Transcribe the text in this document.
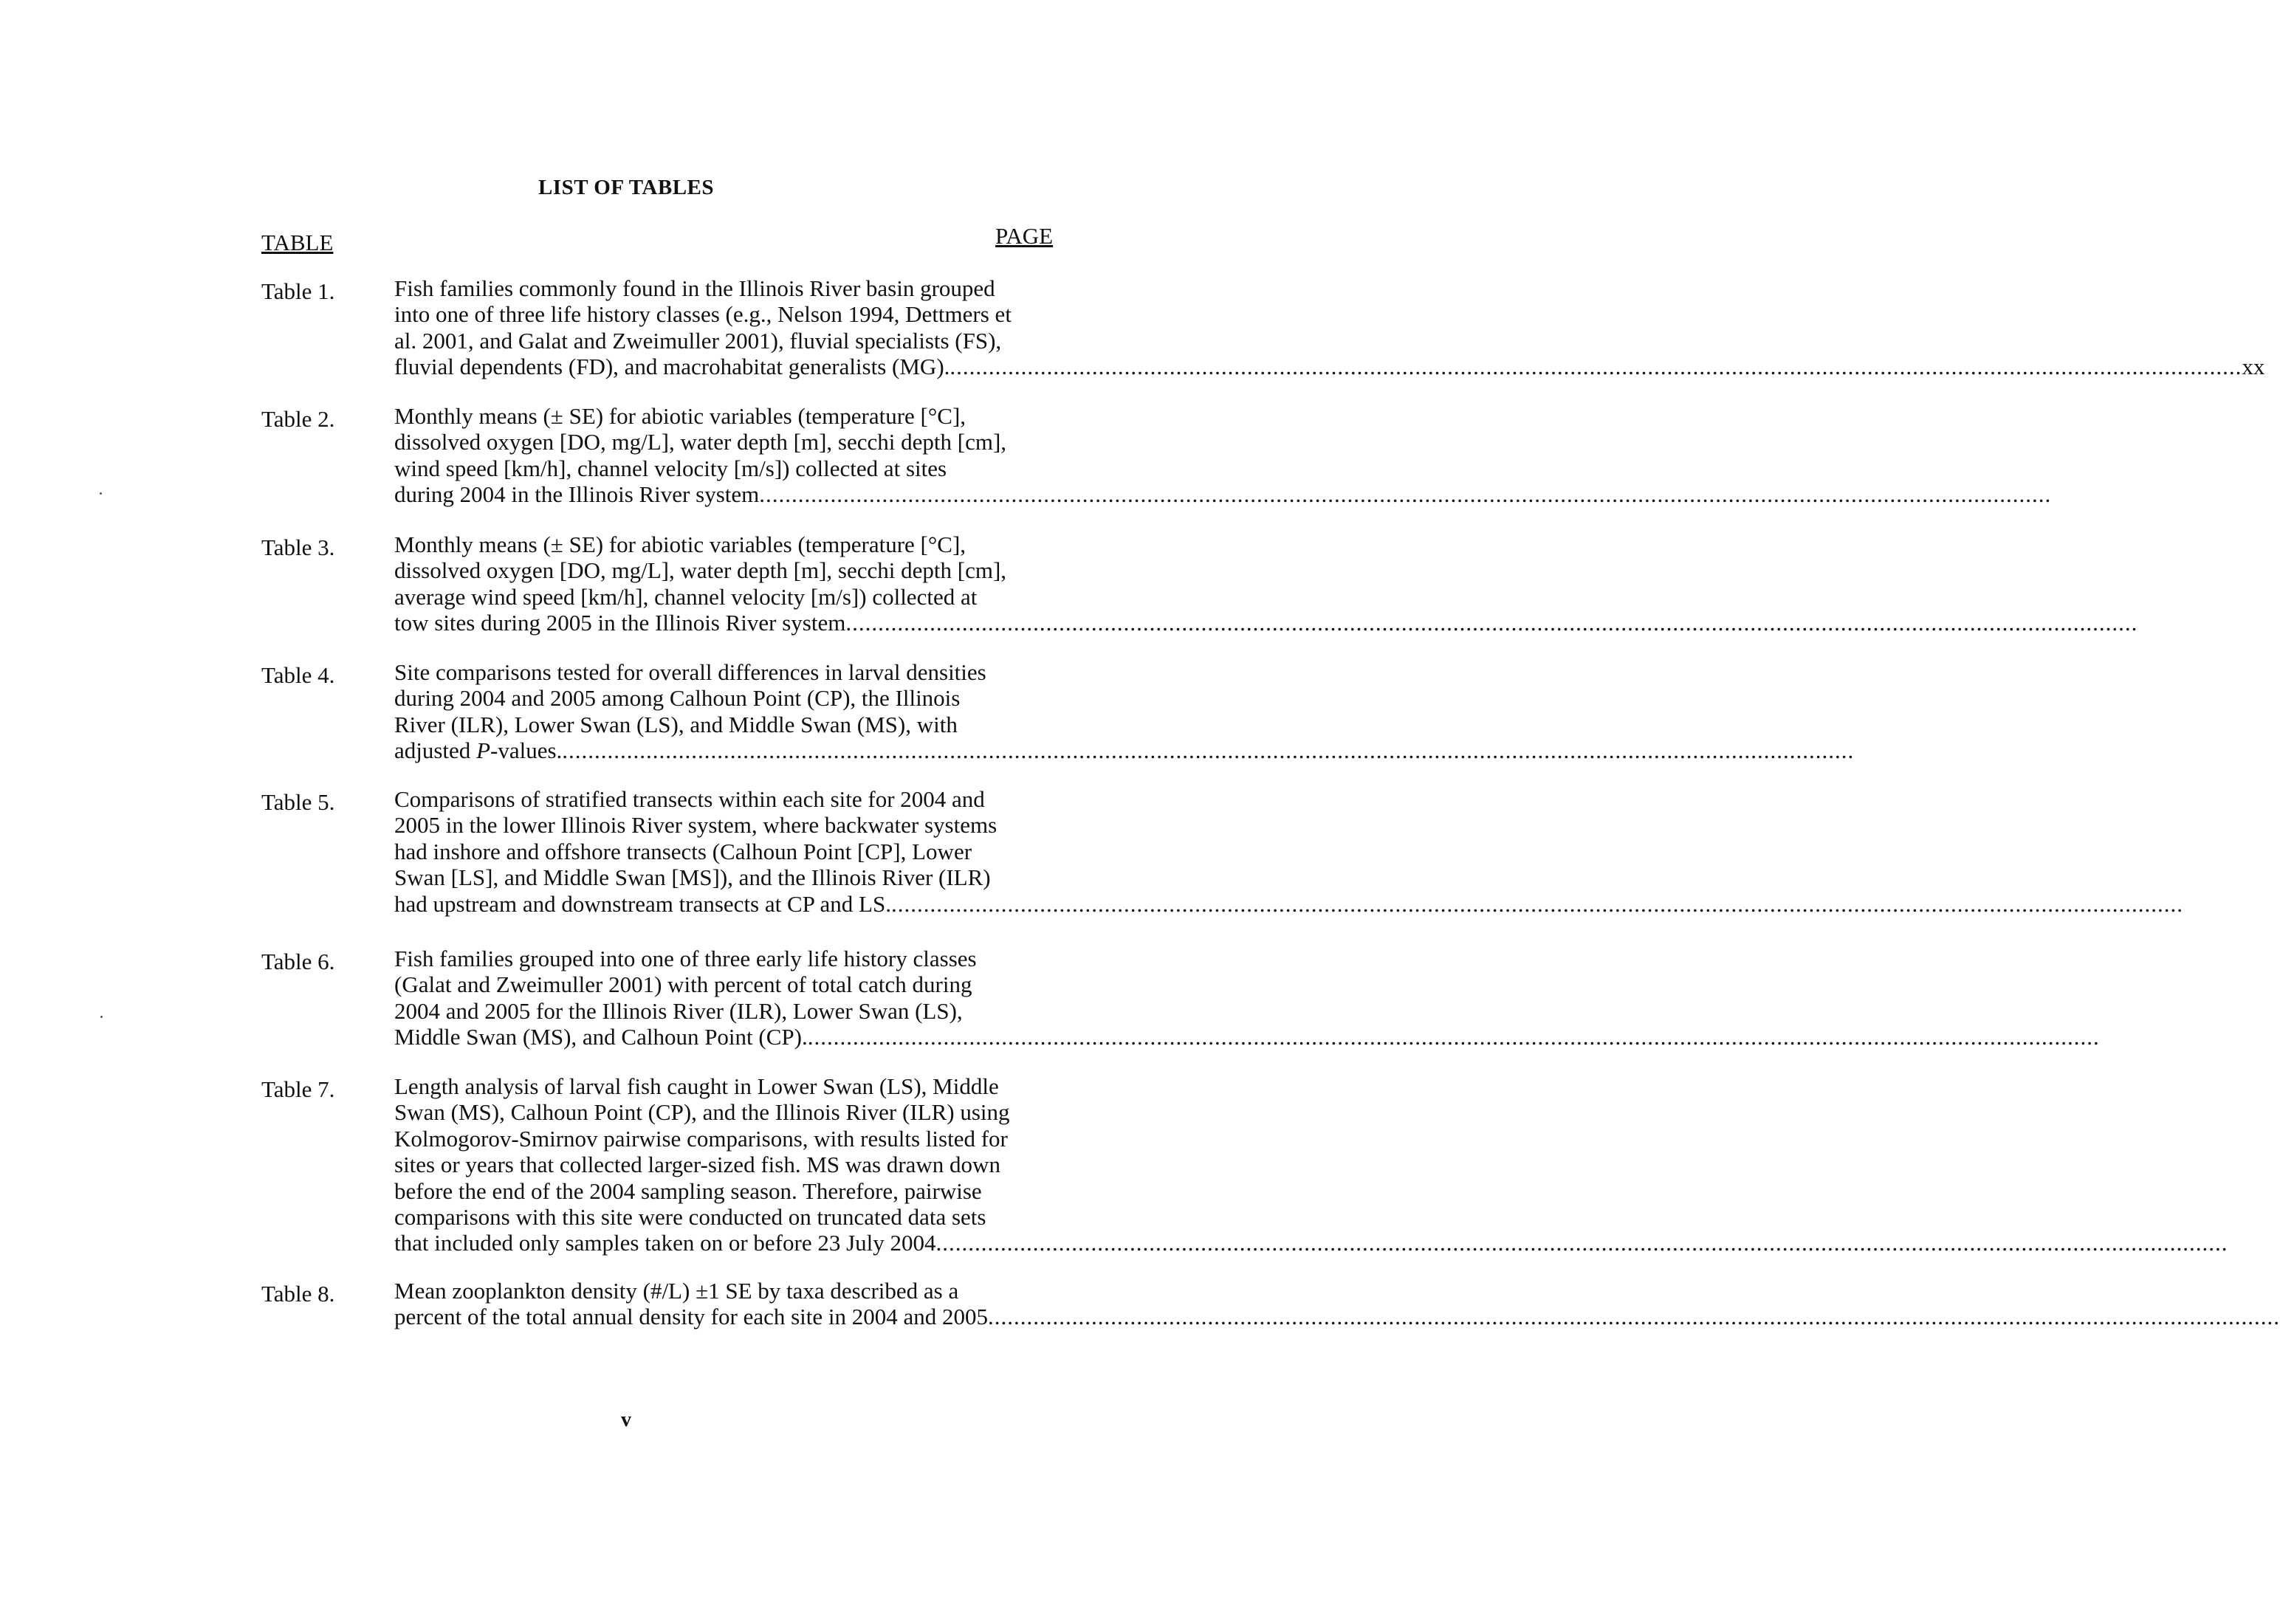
LIST OF TABLES
TABLE	PAGE
Table 1.	Fish families commonly found in the Illinois River basin grouped
into one of three life history classes (e.g., Nelson 1994, Dettmers et
al. 2001, and Galat and Zweimuller 2001), fluvial specialists (FS),
fluvial dependents (FD), and macrohabitat generalists (MG). ........................................................................................................................................................................................................ xx
Table 2.	Monthly means (± SE) for abiotic variables (temperature [°C],
dissolved oxygen [DO, mg/L], water depth [m], secchi depth [cm],
wind speed [km/h], channel velocity [m/s]) collected at sites
during 2004 in the Illinois River system ........................................................................................................................................................................................................
Table 3.	Monthly means (± SE) for abiotic variables (temperature [°C],
dissolved oxygen [DO, mg/L], water depth [m], secchi depth [cm],
average wind speed [km/h], channel velocity [m/s]) collected at
tow sites during 2005 in the Illinois River system ........................................................................................................................................................................................................
Table 4.	Site comparisons tested for overall differences in larval densities
during 2004 and 2005 among Calhoun Point (CP), the Illinois
River (ILR), Lower Swan (LS), and Middle Swan (MS), with
adjusted P-values. ........................................................................................................................................................................................................
Table 5.	Comparisons of stratified transects within each site for 2004 and
2005 in the lower Illinois River system, where backwater systems
had inshore and offshore transects (Calhoun Point [CP], Lower
Swan [LS], and Middle Swan [MS]), and the Illinois River (ILR)
had upstream and downstream transects at CP and LS. ........................................................................................................................................................................................................
Table 6.	Fish families grouped into one of three early life history classes
(Galat and Zweimuller 2001) with percent of total catch during
2004 and 2005 for the Illinois River (ILR), Lower Swan (LS),
Middle Swan (MS), and Calhoun Point (CP). ........................................................................................................................................................................................................
Table 7.	Length analysis of larval fish caught in Lower Swan (LS), Middle
Swan (MS), Calhoun Point (CP), and the Illinois River (ILR) using
Kolmogorov-Smirnov pairwise comparisons, with results listed for
sites or years that collected larger-sized fish. MS was drawn down
before the end of the 2004 sampling season. Therefore, pairwise
comparisons with this site were conducted on truncated data sets
that included only samples taken on or before 23 July 2004 ........................................................................................................................................................................................................
Table 8.	Mean zooplankton density (#/L) ±1 SE by taxa described as a
percent of the total annual density for each site in 2004 and 2005 ........................................................................................................................................................................................................
v
